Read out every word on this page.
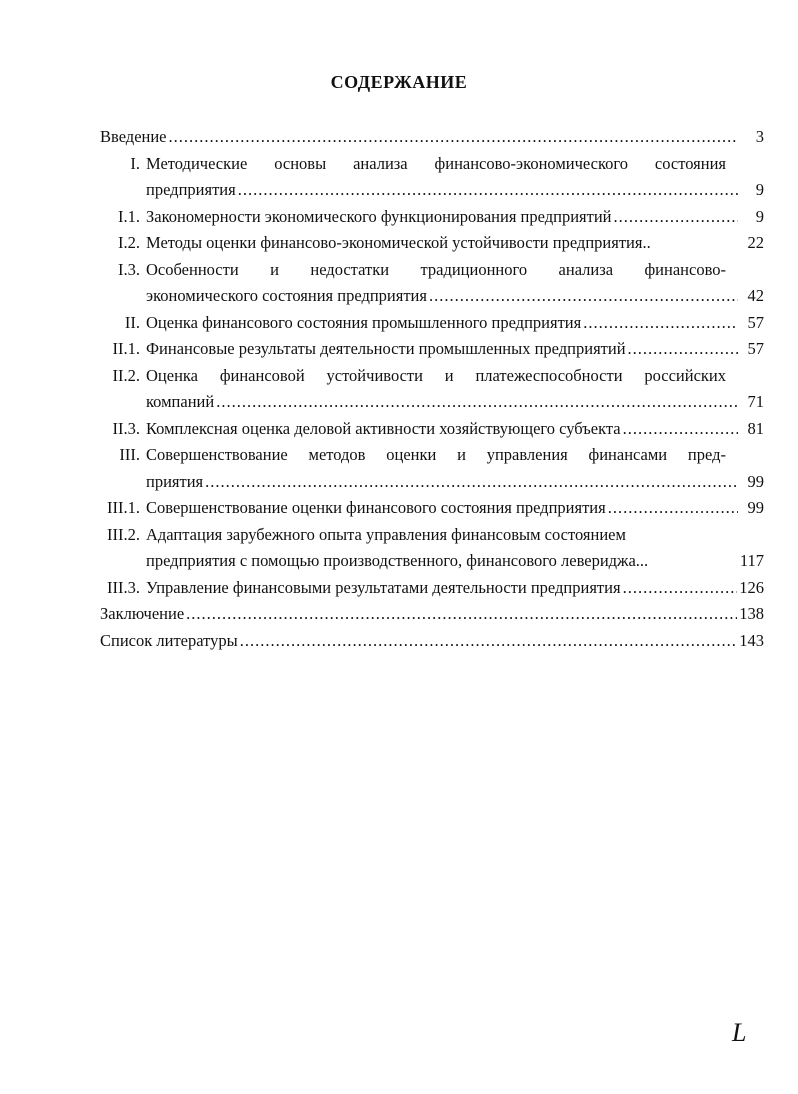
СОДЕРЖАНИЕ
Введение .....	3
I. Методические основы анализа финансово-экономического состояния
предприятия .....	9
I.1. Закономерности экономического функционирования предприятий .....	9
I.2. Методы оценки финансово-экономической устойчивости предприятия..	22
I.3. Особенности и недостатки традиционного анализа финансово-
экономического состояния предприятия .....	42
II. Оценка финансового состояния промышленного предприятия .....	57
II.1. Финансовые результаты деятельности промышленных предприятий .....	57
II.2. Оценка финансовой устойчивости и платежеспособности российских
компаний .....	71
II.3. Комплексная оценка деловой активности хозяйствующего субъекта .....	81
III. Совершенствование методов оценки и управления финансами пред-
приятия .....	99
III.1. Совершенствование оценки финансового состояния предприятия .....	99
III.2. Адаптация зарубежного опыта управления финансовым состоянием
предприятия с помощью производственного, финансового левериджа...	117
III.3. Управление финансовыми результатами деятельности предприятия .....	126
Заключение .....	138
Список литературы .....	143
L
